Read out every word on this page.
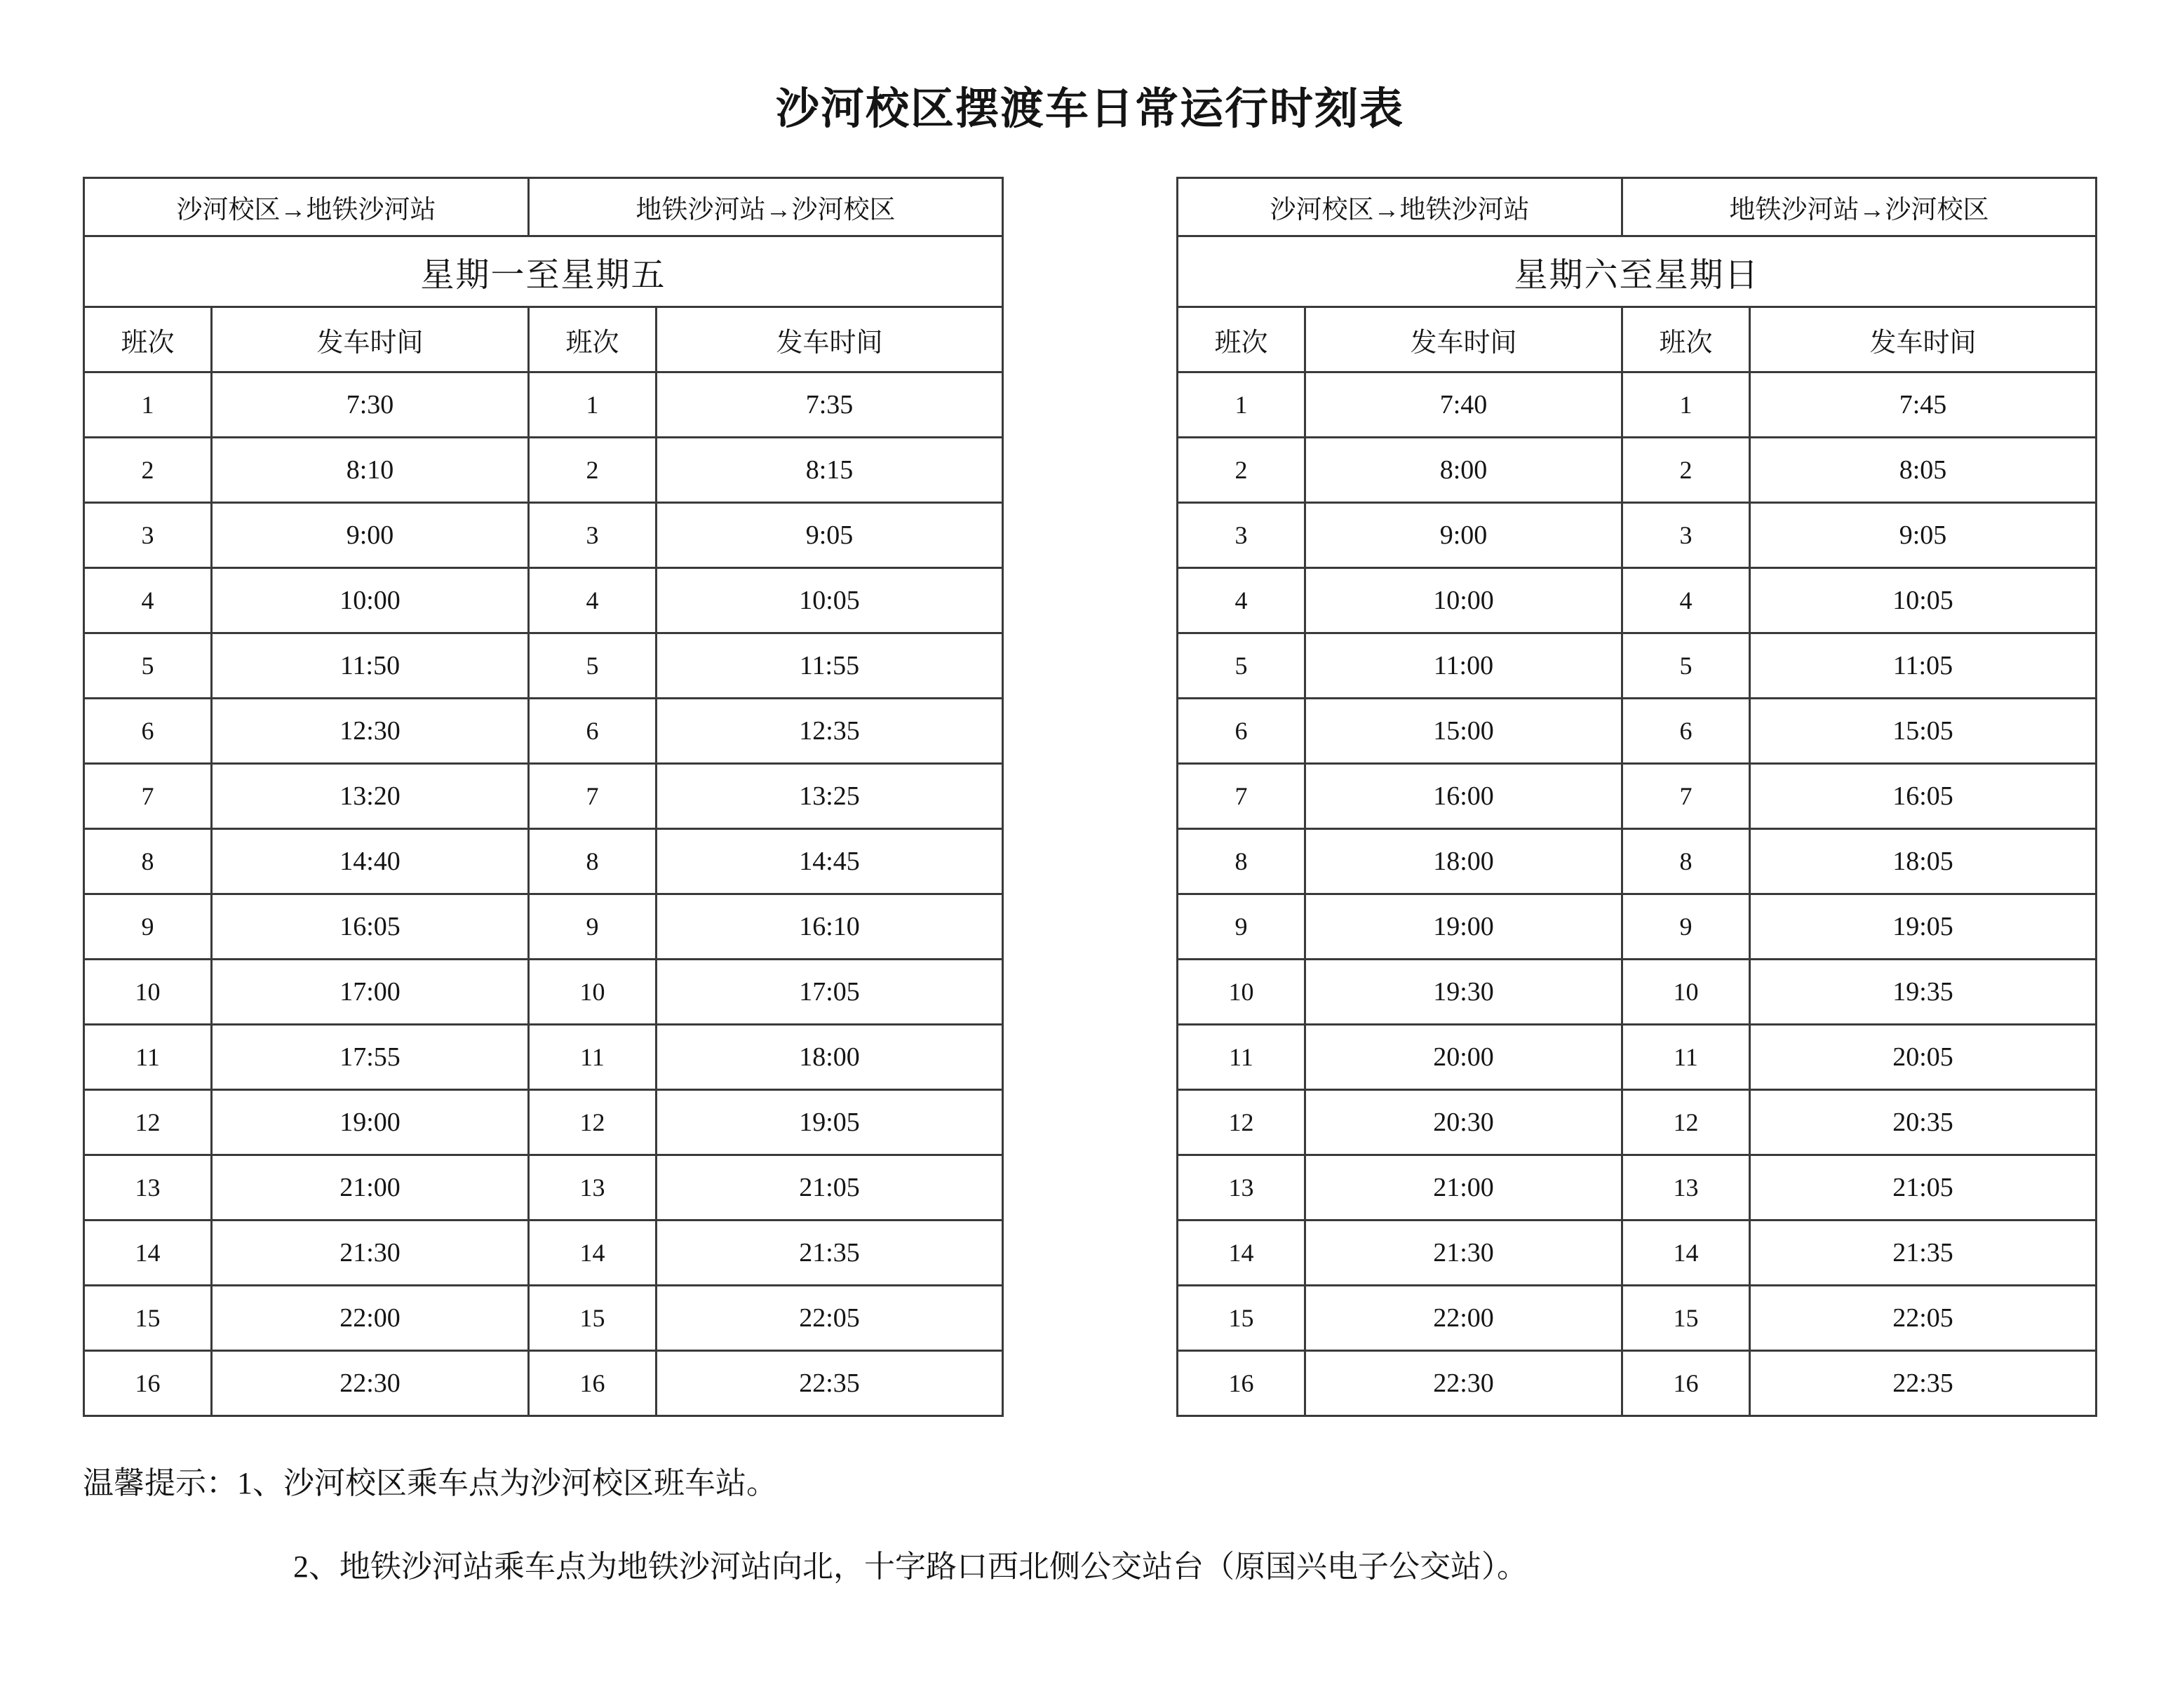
沙河校区摆渡车日常运行时刻表
沙河校区→地铁沙河站		地铁沙河站→沙河校区	
星期一至星期五			
班次	发车时间	班次	发车时间
1	7:30	1	7:35
2	8:10	2	8:15
3	9:00	3	9:05
4	10:00	4	10:05
5	11:50	5	11:55
6	12:30	6	12:35
7	13:20	7	13:25
8	14:40	8	14:45
9	16:05	9	16:10
10	17:00	10	17:05
11	17:55	11	18:00
12	19:00	12	19:05
13	21:00	13	21:05
14	21:30	14	21:35
15	22:00	15	22:05
16	22:30	16	22:35
沙河校区→地铁沙河站		地铁沙河站→沙河校区	
星期六至星期日			
班次	发车时间	班次	发车时间
1	7:40	1	7:45
2	8:00	2	8:05
3	9:00	3	9:05
4	10:00	4	10:05
5	11:00	5	11:05
6	15:00	6	15:05
7	16:00	7	16:05
8	18:00	8	18:05
9	19:00	9	19:05
10	19:30	10	19:35
11	20:00	11	20:05
12	20:30	12	20:35
13	21:00	13	21:05
14	21:30	14	21:35
15	22:00	15	22:05
16	22:30	16	22:35
温馨提示：1、沙河校区乘车点为沙河校区班车站。
2、地铁沙河站乘车点为地铁沙河站向北，十字路口西北侧公交站台（原国兴电子公交站）。
